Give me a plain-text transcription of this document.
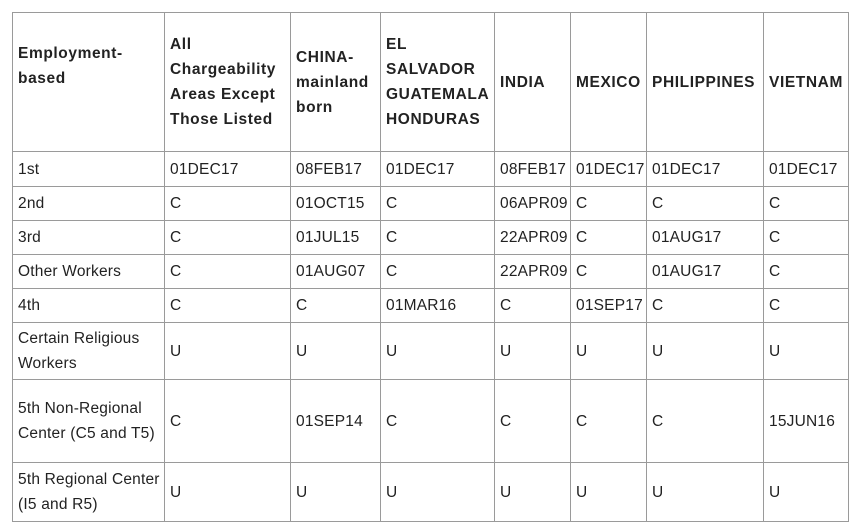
Employment-based	All Chargeability Areas Except Those Listed	CHINA-mainland born	EL SALVADOR GUATEMALA HONDURAS	INDIA	MEXICO	PHILIPPINES	VIETNAM
1st	01DEC17	08FEB17	01DEC17	08FEB17	01DEC17	01DEC17	01DEC17
2nd	C	01OCT15	C	06APR09	C	C	C
3rd	C	01JUL15	C	22APR09	C	01AUG17	C
Other Workers	C	01AUG07	C	22APR09	C	01AUG17	C
4th	C	C	01MAR16	C	01SEP17	C	C
Certain Religious Workers	U	U	U	U	U	U	U
5th Non-Regional Center (C5 and T5)	C	01SEP14	C	C	C	C	15JUN16
5th Regional Center (I5 and R5)	U	U	U	U	U	U	U
